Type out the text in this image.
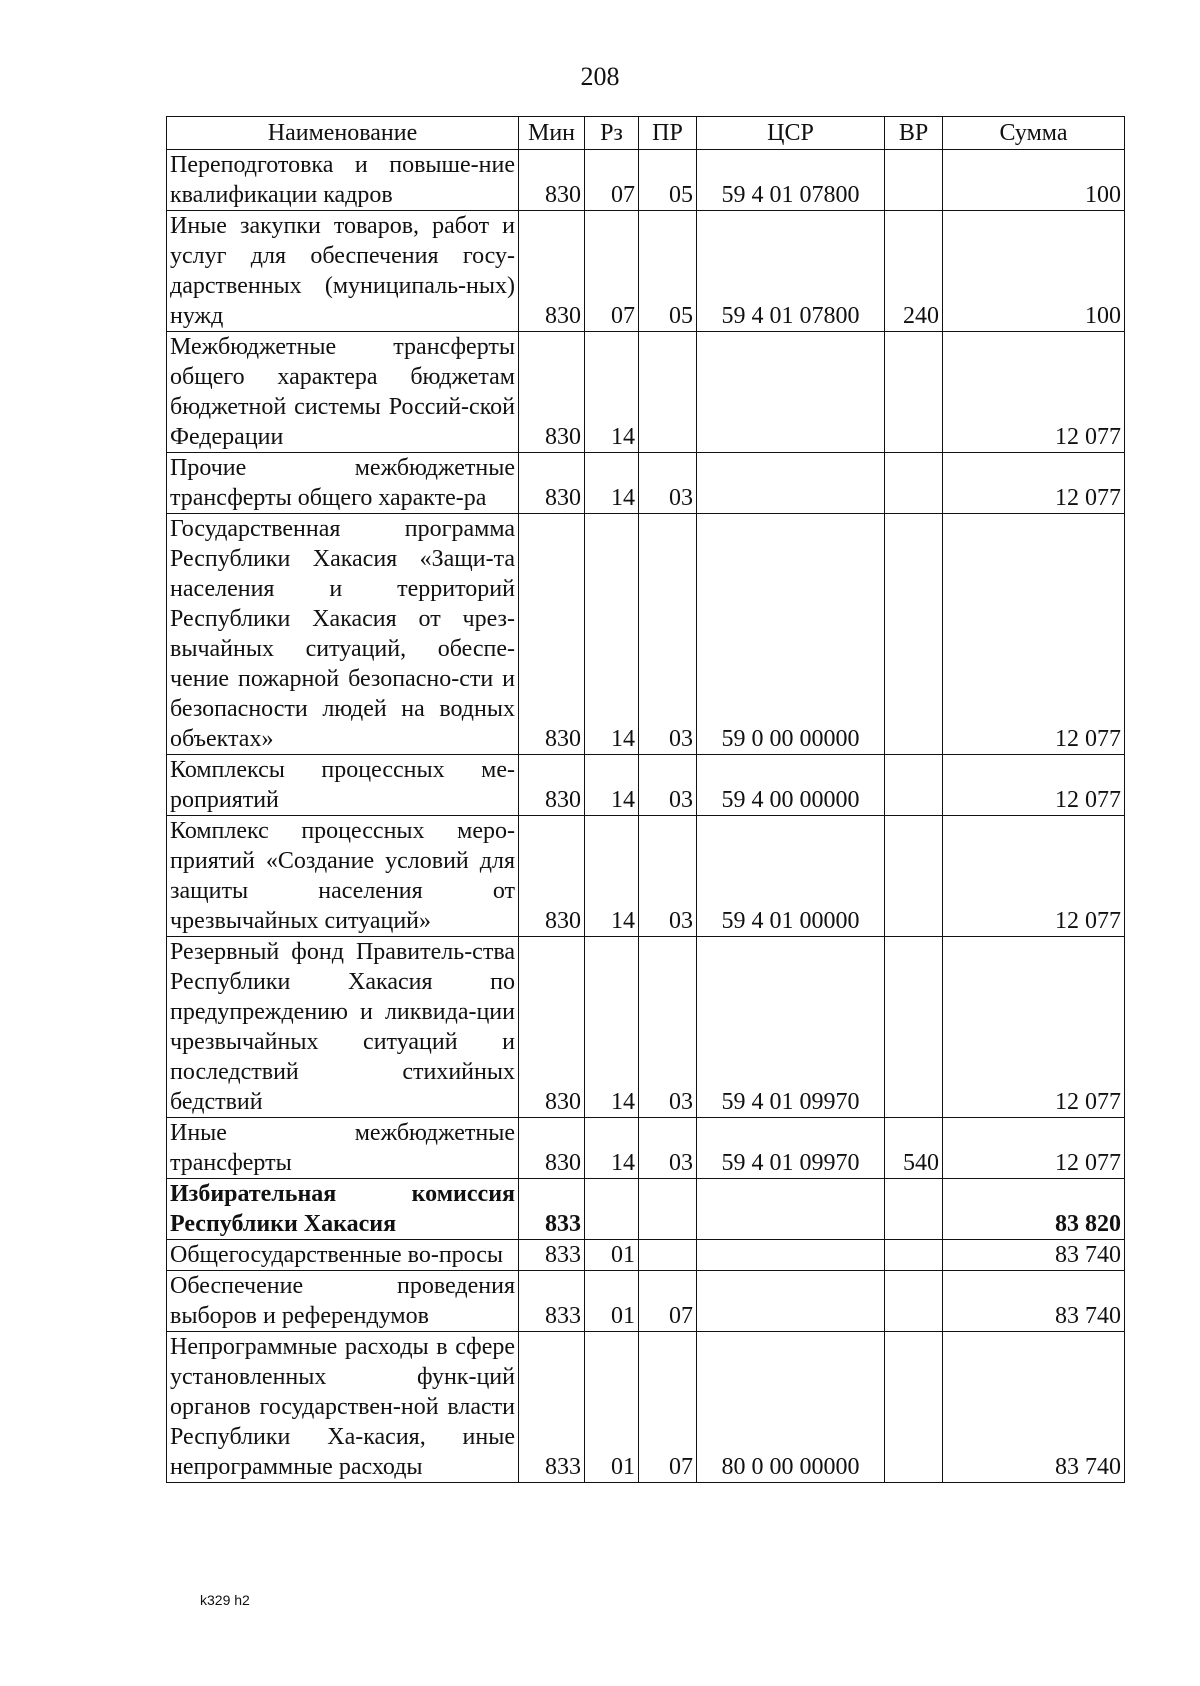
208
Наименование	Мин	Рз	ПР	ЦСР	ВР	Сумма
Переподготовка и повыше-ние квалификации кадров	830	07	05	59 4 01 07800		100
Иные закупки товаров, работ и услуг для обеспечения госу-дарственных (муниципаль-ных) нужд	830	07	05	59 4 01 07800	240	100
Межбюджетные трансферты общего характера бюджетам бюджетной системы Россий-ской Федерации	830	14				12 077
Прочие межбюджетные трансферты общего характе-ра	830	14	03			12 077
Государственная программа Республики Хакасия «Защи-та населения и территорий Республики Хакасия от чрез-вычайных ситуаций, обеспе-чение пожарной безопасно-сти и безопасности людей на водных объектах»	830	14	03	59 0 00 00000		12 077
Комплексы процессных ме-роприятий	830	14	03	59 4 00 00000		12 077
Комплекс процессных меро-приятий «Создание условий для защиты населения от чрезвычайных ситуаций»	830	14	03	59 4 01 00000		12 077
Резервный фонд Правитель-ства Республики Хакасия по предупреждению и ликвида-ции чрезвычайных ситуаций и последствий стихийных бедствий	830	14	03	59 4 01 09970		12 077
Иные межбюджетные трансферты	830	14	03	59 4 01 09970	540	12 077
Избирательная комиссия Республики Хакасия	833					83 820
Общегосударственные во-просы	833	01				83 740
Обеспечение проведения выборов и референдумов	833	01	07			83 740
Непрограммные расходы в сфере установленных функ-ций органов государствен-ной власти Республики Ха-касия, иные непрограммные расходы	833	01	07	80 0 00 00000		83 740
k329 h2
